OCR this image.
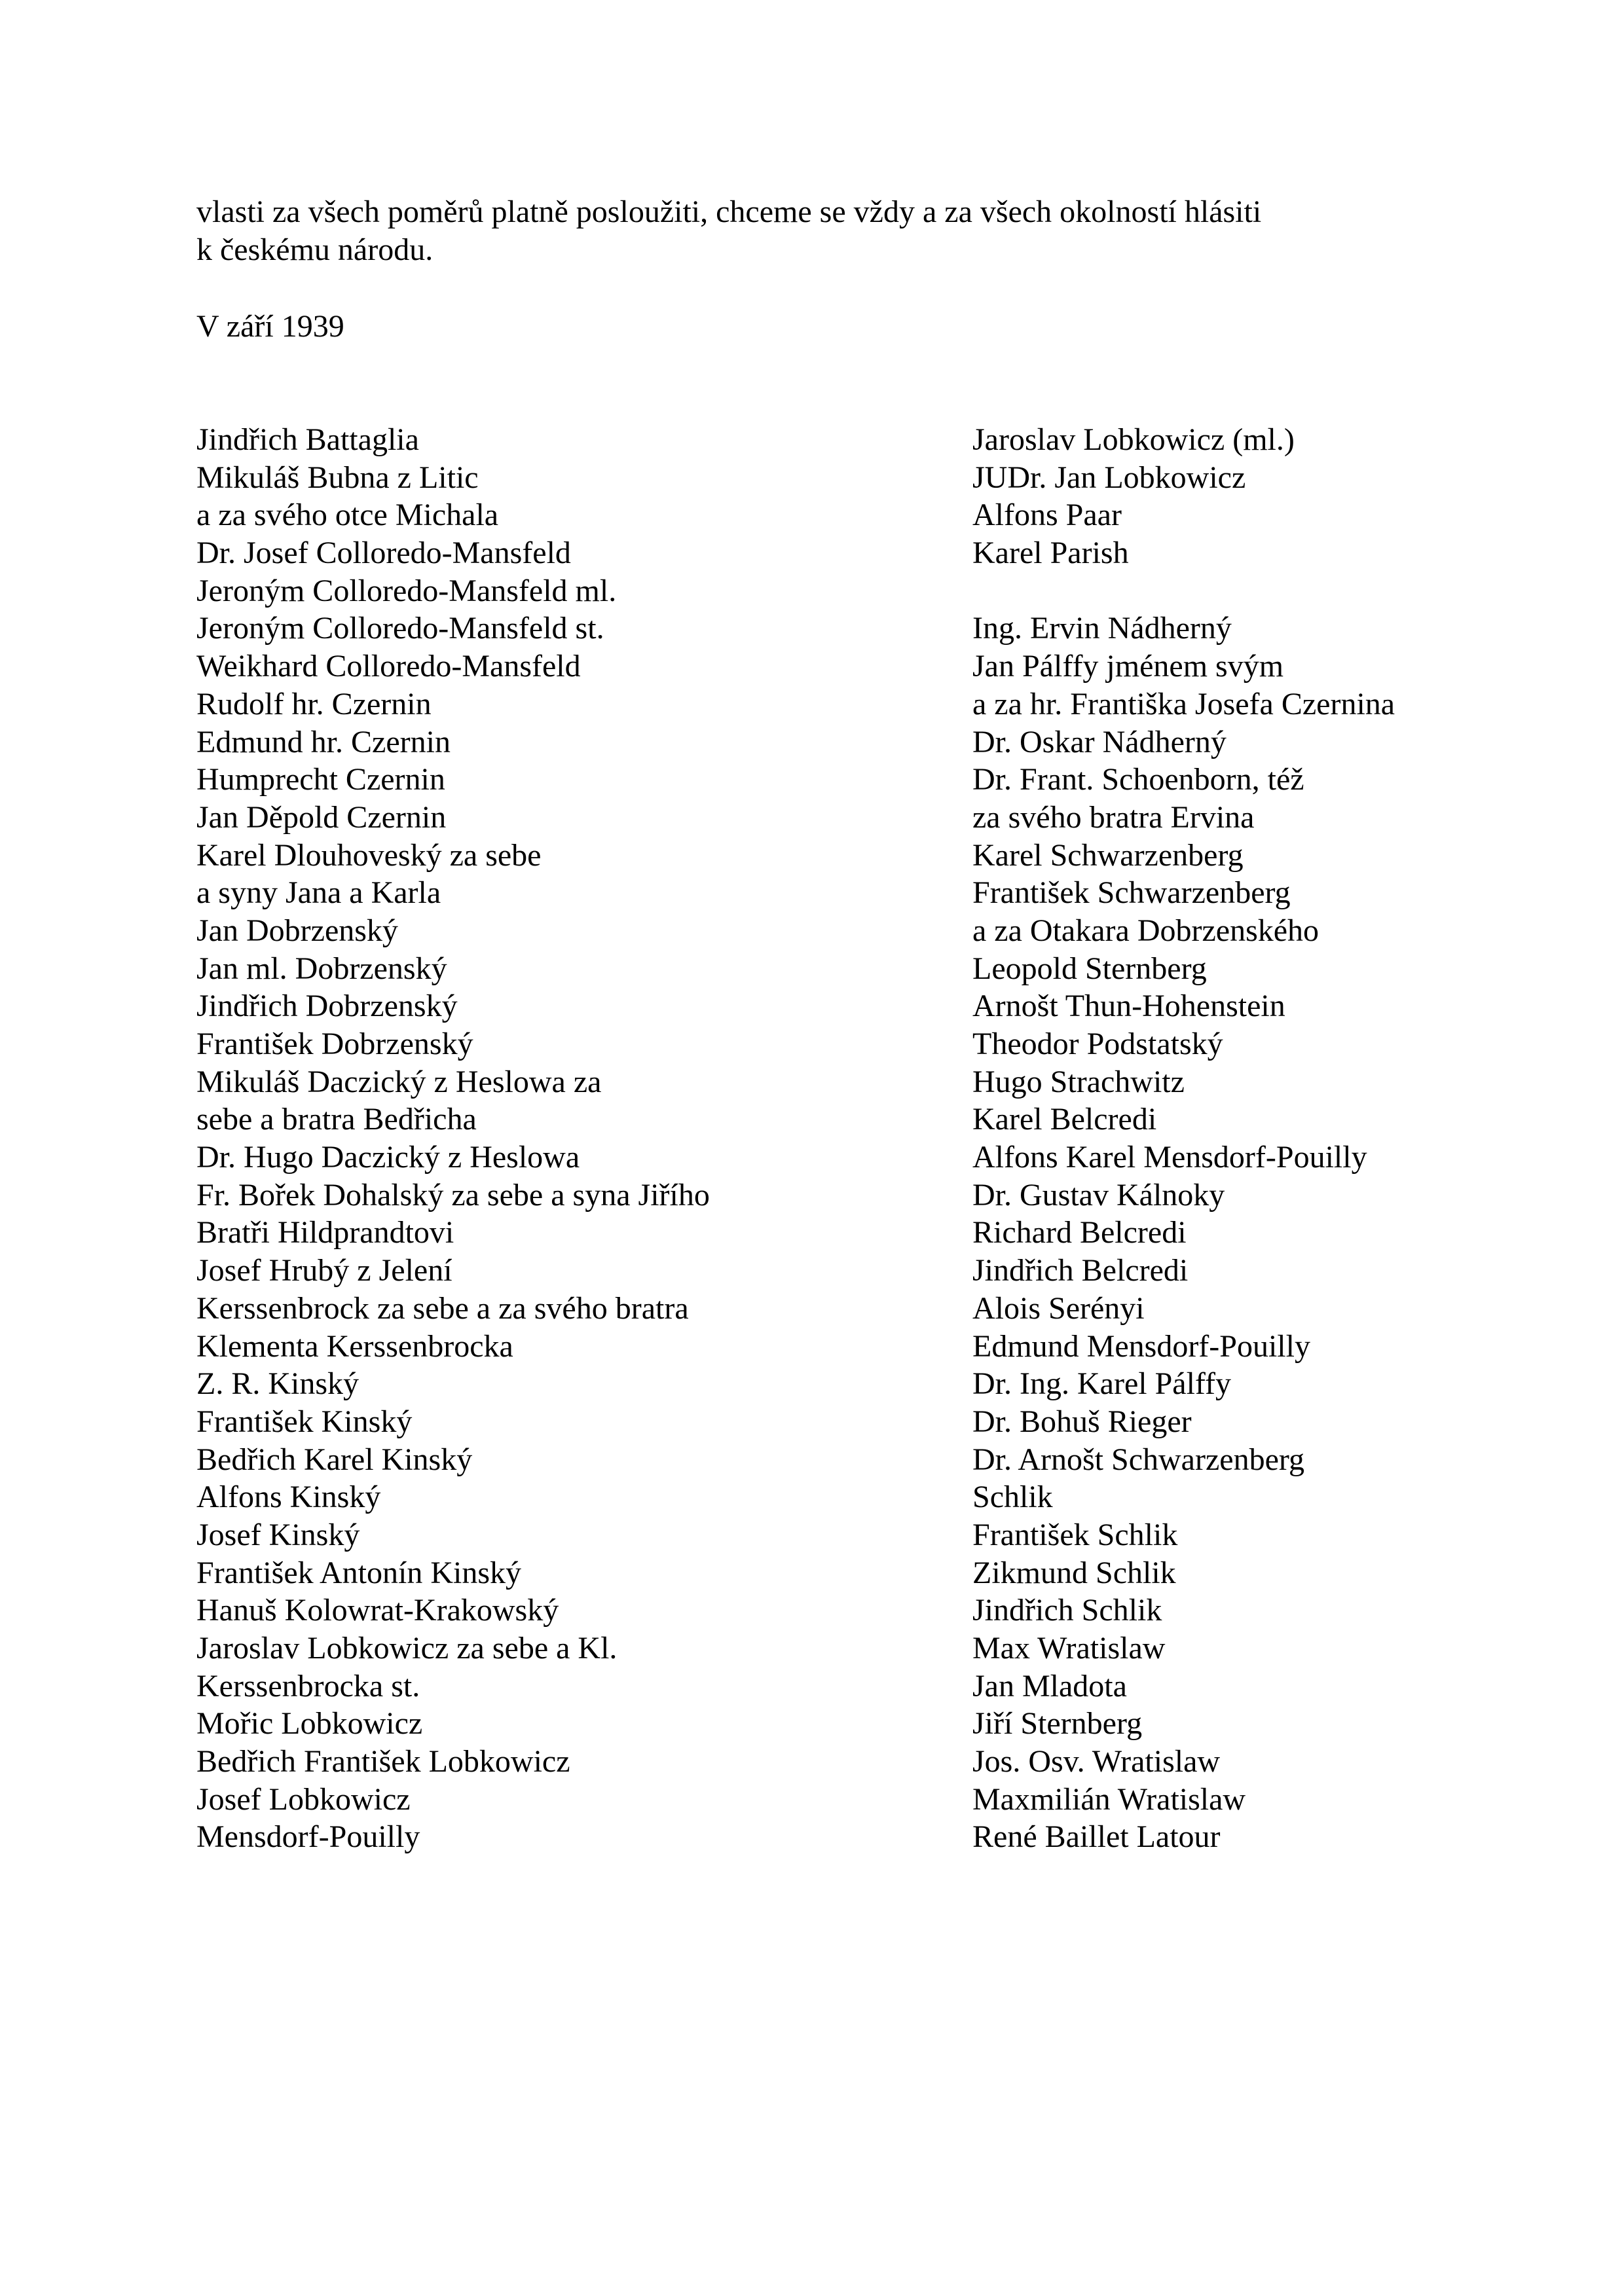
vlasti za všech poměrů platně posloužiti, chceme se vždy a za všech okolností hlásiti
k českému národu.
V září 1939
Jindřich Battaglia
Mikuláš Bubna z Litic
a za svého otce Michala
Dr. Josef Colloredo-Mansfeld
Jeroným Colloredo-Mansfeld ml.
Jeroným Colloredo-Mansfeld st.
Weikhard Colloredo-Mansfeld
Rudolf hr. Czernin
Edmund hr. Czernin
Humprecht Czernin
Jan Děpold Czernin
Karel Dlouhoveský za sebe
a syny Jana a Karla
Jan Dobrzenský
Jan ml. Dobrzenský
Jindřich Dobrzenský
František Dobrzenský
Mikuláš Daczický z Heslowa za
sebe a bratra Bedřicha
Dr. Hugo Daczický z Heslowa
Fr. Bořek Dohalský za sebe a syna Jiřího
Bratři Hildprandtovi
Josef Hrubý z Jelení
Kerssenbrock za sebe a za svého bratra
Klementa Kerssenbrocka
Z. R. Kinský
František Kinský
Bedřich Karel Kinský
Alfons Kinský
Josef Kinský
František Antonín Kinský
Hanuš Kolowrat-Krakowský
Jaroslav Lobkowicz za sebe a Kl.
Kerssenbrocka st.
Mořic Lobkowicz
Bedřich František Lobkowicz
Josef Lobkowicz
Mensdorf-Pouilly
Jaroslav Lobkowicz (ml.)
JUDr. Jan Lobkowicz
Alfons Paar
Karel Parish
Ing. Ervin Nádherný
Jan Pálffy jménem svým
a za hr. Františka Josefa Czernina
Dr. Oskar Nádherný
Dr. Frant. Schoenborn, též
za svého bratra Ervina
Karel Schwarzenberg
František Schwarzenberg
a za Otakara Dobrzenského
Leopold Sternberg
Arnošt Thun-Hohenstein
Theodor Podstatský
Hugo Strachwitz
Karel Belcredi
Alfons Karel Mensdorf-Pouilly
Dr. Gustav Kálnoky
Richard Belcredi
Jindřich Belcredi
Alois Serényi
Edmund Mensdorf-Pouilly
Dr. Ing. Karel Pálffy
Dr. Bohuš Rieger
Dr. Arnošt Schwarzenberg
Schlik
František Schlik
Zikmund Schlik
Jindřich Schlik
Max Wratislaw
Jan Mladota
Jiří Sternberg
Jos. Osv. Wratislaw
Maxmilián Wratislaw
René Baillet Latour
